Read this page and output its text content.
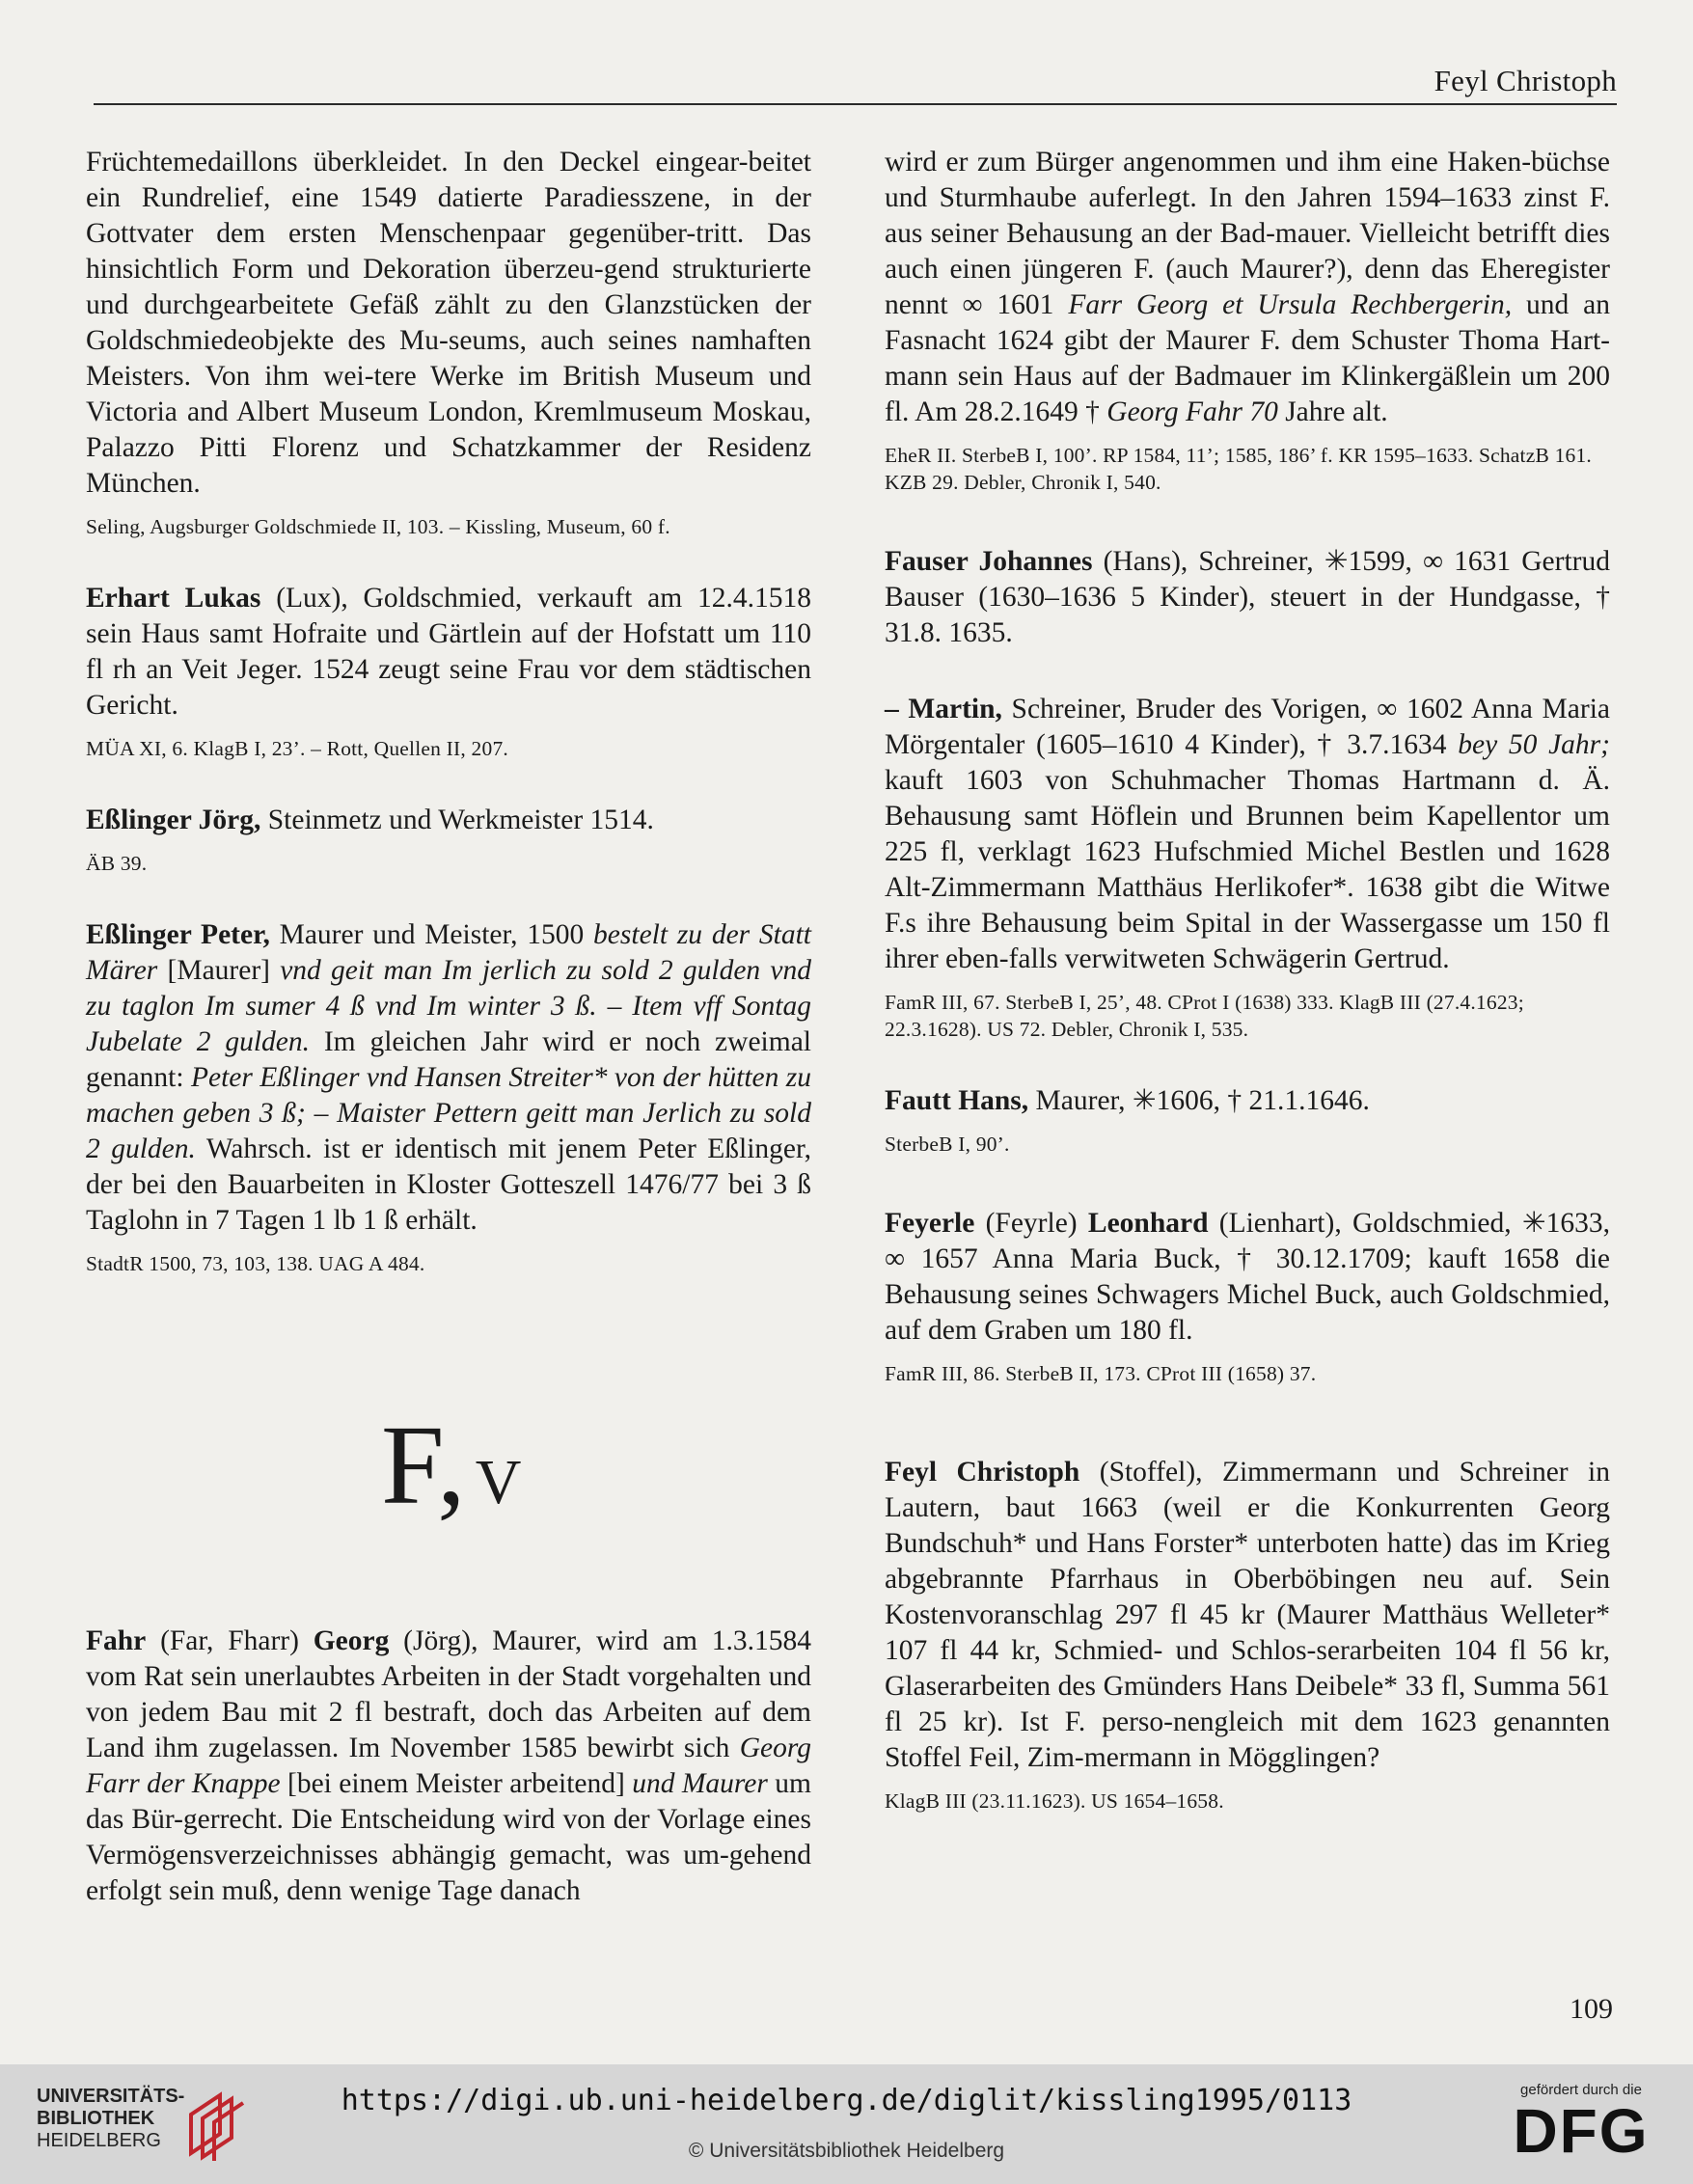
Feyl Christoph

Früchtemedaillons überkleidet. In den Deckel eingear-beitet ein Rundrelief, eine 1549 datierte Paradiesszene, in der Gottvater dem ersten Menschenpaar gegenüber-tritt. Das hinsichtlich Form und Dekoration überzeu-gend strukturierte und durchgearbeitete Gefäß zählt zu den Glanzstücken der Goldschmiedeobjekte des Mu-seums, auch seines namhaften Meisters. Von ihm wei-tere Werke im British Museum und Victoria and Albert Museum London, Kremlmuseum Moskau, Palazzo Pitti Florenz und Schatzkammer der Residenz München.

Seling, Augsburger Goldschmiede II, 103. – Kissling, Museum, 60 f.

Erhart Lukas (Lux), Goldschmied, verkauft am 12.4.1518 sein Haus samt Hofraite und Gärtlein auf der Hofstatt um 110 fl rh an Veit Jeger. 1524 zeugt seine Frau vor dem städtischen Gericht.

MÜA XI, 6. KlagB I, 23’. – Rott, Quellen II, 207.

Eßlinger Jörg, Steinmetz und Werkmeister 1514.

ÄB 39.

Eßlinger Peter, Maurer und Meister, 1500 bestelt zu der Statt Märer [Maurer] vnd geit man Im jerlich zu sold 2 gulden vnd zu taglon Im sumer 4 ß vnd Im winter 3 ß. – Item vff Sontag Jubelate 2 gulden. Im gleichen Jahr wird er noch zweimal genannt: Peter Eßlinger vnd Hansen Streiter* von der hütten zu machen geben 3 ß; – Maister Pettern geitt man Jerlich zu sold 2 gulden. Wahrsch. ist er identisch mit jenem Peter Eßlinger, der bei den Bauarbeiten in Kloster Gotteszell 1476/77 bei 3 ß Taglohn in 7 Tagen 1 lb 1 ß erhält.

StadtR 1500, 73, 103, 138. UAG A 484.

F, V

Fahr (Far, Fharr) Georg (Jörg), Maurer, wird am 1.3.1584 vom Rat sein unerlaubtes Arbeiten in der Stadt vorgehalten und von jedem Bau mit 2 fl bestraft, doch das Arbeiten auf dem Land ihm zugelassen. Im November 1585 bewirbt sich Georg Farr der Knappe [bei einem Meister arbeitend] und Maurer um das Bür-gerrecht. Die Entscheidung wird von der Vorlage eines Vermögensverzeichnisses abhängig gemacht, was um-gehend erfolgt sein muß, denn wenige Tage danach

wird er zum Bürger angenommen und ihm eine Haken-büchse und Sturmhaube auferlegt. In den Jahren 1594–1633 zinst F. aus seiner Behausung an der Bad-mauer. Vielleicht betrifft dies auch einen jüngeren F. (auch Maurer?), denn das Eheregister nennt ∞ 1601 Farr Georg et Ursula Rechbergerin, und an Fasnacht 1624 gibt der Maurer F. dem Schuster Thoma Hart-mann sein Haus auf der Badmauer im Klinkergäßlein um 200 fl. Am 28.2.1649 † Georg Fahr 70 Jahre alt.

EheR II. SterbeB I, 100’. RP 1584, 11’; 1585, 186’ f. KR 1595–1633. SchatzB 161. KZB 29. Debler, Chronik I, 540.

Fauser Johannes (Hans), Schreiner, ✳1599, ∞ 1631 Gertrud Bauser (1630–1636 5 Kinder), steuert in der Hundgasse, † 31.8. 1635.

– Martin, Schreiner, Bruder des Vorigen, ∞ 1602 Anna Maria Mörgentaler (1605–1610 4 Kinder), † 3.7.1634 bey 50 Jahr; kauft 1603 von Schuhmacher Thomas Hartmann d. Ä. Behausung samt Höflein und Brunnen beim Kapellentor um 225 fl, verklagt 1623 Hufschmied Michel Bestlen und 1628 Alt-Zimmermann Matthäus Herlikofer*. 1638 gibt die Witwe F.s ihre Behausung beim Spital in der Wassergasse um 150 fl ihrer eben-falls verwitweten Schwägerin Gertrud.

FamR III, 67. SterbeB I, 25’, 48. CProt I (1638) 333. KlagB III (27.4.1623; 22.3.1628). US 72. Debler, Chronik I, 535.

Fautt Hans, Maurer, ✳1606, † 21.1.1646.

SterbeB I, 90’.

Feyerle (Feyrle) Leonhard (Lienhart), Goldschmied, ✳1633, ∞ 1657 Anna Maria Buck, † 30.12.1709; kauft 1658 die Behausung seines Schwagers Michel Buck, auch Goldschmied, auf dem Graben um 180 fl.

FamR III, 86. SterbeB II, 173. CProt III (1658) 37.

Feyl Christoph (Stoffel), Zimmermann und Schreiner in Lautern, baut 1663 (weil er die Konkurrenten Georg Bundschuh* und Hans Forster* unterboten hatte) das im Krieg abgebrannte Pfarrhaus in Oberböbingen neu auf. Sein Kostenvoranschlag 297 fl 45 kr (Maurer Matthäus Welleter* 107 fl 44 kr, Schmied- und Schlos-serarbeiten 104 fl 56 kr, Glaserarbeiten des Gmünders Hans Deibele* 33 fl, Summa 561 fl 25 kr). Ist F. perso-nengleich mit dem 1623 genannten Stoffel Feil, Zim-mermann in Mögglingen?

KlagB III (23.11.1623). US 1654–1658.

109
UNIVERSITÄTS-
BIBLIOTHEK
HEIDELBERG
https://digi.ub.uni-heidelberg.de/diglit/kissling1995/0113
© Universitätsbibliothek Heidelberg
gefördert durch die
DFG
